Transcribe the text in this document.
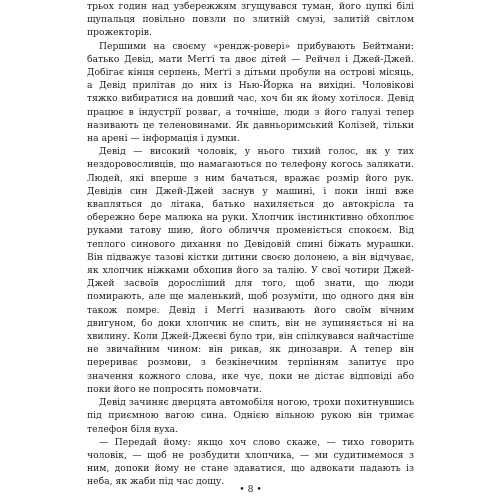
трьох годин над узбережжям згущувався туман, його цупкі білі щупальця повільно повзли по злитній смузі, залитій світлом прожекторів.

Першими на своєму «рендж-ровері» прибувають Бейтмани: батько Девід, мати Меґґі та двоє дітей — Рейчел і Джей-Джей. Добігає кінця серпень, Меґґі з дітьми пробули на острові місяць, а Девід прилітав до них із Нью-Йорка на вихідні. Чоловікові тяжко вибиратися на довший час, хоч би як йому хотілося. Девід працює в індустрії розваг, а точніше, люди з його галузі тепер називають це теленовинами. Як давньоримський Колізей, тільки на арені — інформація і думки.

Девід — високий чоловік, у нього тихий голос, як у тих нездоровосливців, що намагаються по телефону когось залякати. Людей, які вперше з ним бачаться, вражає розмір його рук. Девідів син Джей-Джей заснув у машині, і поки інші вже квапляться до літака, батько нахиляється до автокрісла та обережно бере малюка на руки. Хлопчик інстинктивно обхоплює руками татову шию, його обличчя променіється спокоєм. Від теплого синового дихання по Девідовій спині біжать мурашки. Він підважує тазові кістки дитини своєю долонею, а він відчуває, як хлопчик ніжками обхопив його за талію. У свої чотири Джей-Джей засвоїв доросліший для того, щоб знати, що люди помирають, але ще маленький, щоб розуміти, що одного дня він також помре. Девід і Меґґі називають його своїм вічним двигуном, бо доки хлопчик не спить, він не зупиняється ні на хвилину. Коли Джей-Джеєві було три, він спілкувався найчастіше не звичайним чином: він рикав, як динозаври. А тепер він перериває розмови, з безкінечним терпінням запитує про значення кожного слова, яке чує, поки не дістає відповіді або поки його не попросять помовчати.

Девід зачиняє дверцята автомобіля ногою, трохи похитнувшись під приємною вагою сина. Однією вільною рукою він тримає телефон біля вуха.

— Передай йому: якщо хоч слово скаже, — тихо говорить чоловік, — щоб не розбудити хлопчика, — ми судитимемося з ним, допоки йому не стане здаватися, що адвокати падають із неба, як жаби під час дощу.

• 8 •
